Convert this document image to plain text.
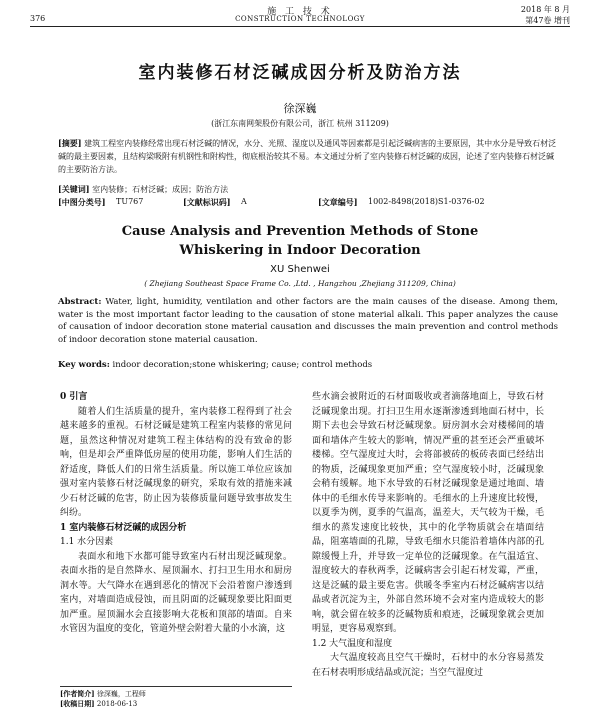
376
施 工 技 术
CONSTRUCTION TECHNOLOGY
2018 年 8 月
第47卷 增刊
室内装修石材泛碱成因分析及防治方法
徐深巍
(浙江东南网架股份有限公司，浙江 杭州 311209)
[摘要] 建筑工程室内装修经常出现石材泛碱的情况，水分、光照、湿度以及通风等因素都是引起泛碱病害的主要原因，其中水分是导致石材泛碱的最主要因素，且结构梁吸附有机钢性和附构性，彻底根治较其不易。本文通过分析了室内装修石材泛碱的成因，论述了室内装修石材泛碱的主要防治方法。
[关键词] 室内装修；石材泛碱；成因；防治方法
[中图分类号] TU767	[文献标识码] A	[文章编号] 1002-8498(2018)S1-0376-02
Cause Analysis and Prevention Methods of Stone
Whiskering in Indoor Decoration
XU Shenwei
( Zhejiang Southeast Space Frame Co. ,Ltd. , Hangzhou ,Zhejiang 311209, China)
Abstract: Water, light, humidity, ventilation and other factors are the main causes of the disease. Among them, water is the most important factor leading to the causation of stone material alkali. This paper analyzes the cause of causation of indoor decoration stone material causation and discusses the main prevention and control methods of indoor decoration stone material causation.
Key words: indoor decoration;stone whiskering; cause; control methods

0 引言

随着人们生活质量的提升，室内装修工程得到了社会越来越多的重视。石材泛碱是建筑工程室内装修的常见问题，虽然这种情况对建筑工程主体结构的没有致命的影响，但是却会严重降低房屋的使用功能，影响人们生活的舒适度，降低人们的日常生活质量。所以施工单位应该加强对室内装修石材泛碱现象的研究，采取有效的措施来减少石材泛碱的危害，防止因为装修质量问题导致事故发生纠纷。

1 室内装修石材泛碱的成因分析

1.1 水分因素

表面水和地下水都可能导致室内石材出现泛碱现象。表面水指的是自然降水、屋顶漏水、打扫卫生用水和厨房洞水等。大气降水在遇到恶化的情况下会沿着窗户渗透到室内，对墙面造成侵蚀，而且阴面的泛碱现象要比阳面更加严重。屋顶漏水会直接影响大花板和顶部的墙面。自来水管因为温度的变化，管道外壁会附着大量的小水滴，这

些水滴会被附近的石材面吸收或者滴落地面上，导致石材泛碱现象出现。打扫卫生用水逐渐渗透到地面石材中，长期下去也会导致石材泛碱现象。厨房洞水会对楼梯间的墙面和墙体产生较大的影响，情况严重的甚至还会严重破坏楼梯。空气湿度过大时，会将部被砖的板砖表面已经结出的物质，泛碱现象更加严重；空气湿度较小时，泛碱现象会稍有缓解。地下水导致的石材泛碱现象是通过地面、墙体中的毛细水传导来影响的。毛细水的上升速度比较慢，以夏季为例，夏季的气温高，温差大，天气较为干燥，毛细水的蒸发速度比较快，其中的化学物质就会在墙面结晶，阻塞墙面的孔隙，导致毛细水只能沿着墙体内部的孔隙缓慢上升，并导致一定单位的泛碱现象。在气温适宜、湿度较大的春秋两季，泛碱病害会引起石材发霉，严重，这是泛碱的最主要危害。供暖冬季室内石材泛碱病害以结晶或者沉淀为主，外部自然环境不会对室内造成较大的影响，就会留在较多的泛碱物质和痕迹，泛碱现象就会更加明显，更容易观察到。

1.2 大气温度和湿度

大气温度较高且空气干燥时，石材中的水分容易蒸发在石材表明形成结晶或沉淀；当空气湿度过

[作者简介] 徐深巍，工程师
[收稿日期] 2018-06-13
